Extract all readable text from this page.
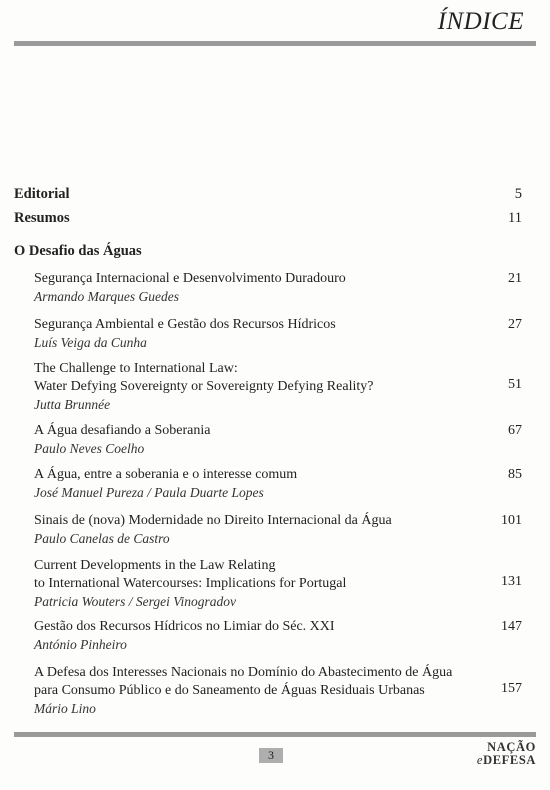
ÍNDICE
Editorial	5
Resumos	11
O Desafio das Águas
Segurança Internacional e Desenvolvimento Duradouro
Armando Marques Guedes
21
Segurança Ambiental e Gestão dos Recursos Hídricos
Luís Veiga da Cunha
27
The Challenge to International Law:
Water Defying Sovereignty or Sovereignty Defying Reality?
Jutta Brunnée
51
A Água desafiando a Soberania
Paulo Neves Coelho
67
A Água, entre a soberania e o interesse comum
José Manuel Pureza / Paula Duarte Lopes
85
Sinais de (nova) Modernidade no Direito Internacional da Água
Paulo Canelas de Castro
101
Current Developments in the Law Relating
to International Watercourses: Implications for Portugal
Patricia Wouters / Sergei Vinogradov
131
Gestão dos Recursos Hídricos no Limiar do Séc. XXI
António Pinheiro
147
A Defesa dos Interesses Nacionais no Domínio do Abastecimento de Água
para Consumo Público e do Saneamento de Águas Residuais Urbanas
Mário Lino
157
3
NAÇÃO
eDEFESA
